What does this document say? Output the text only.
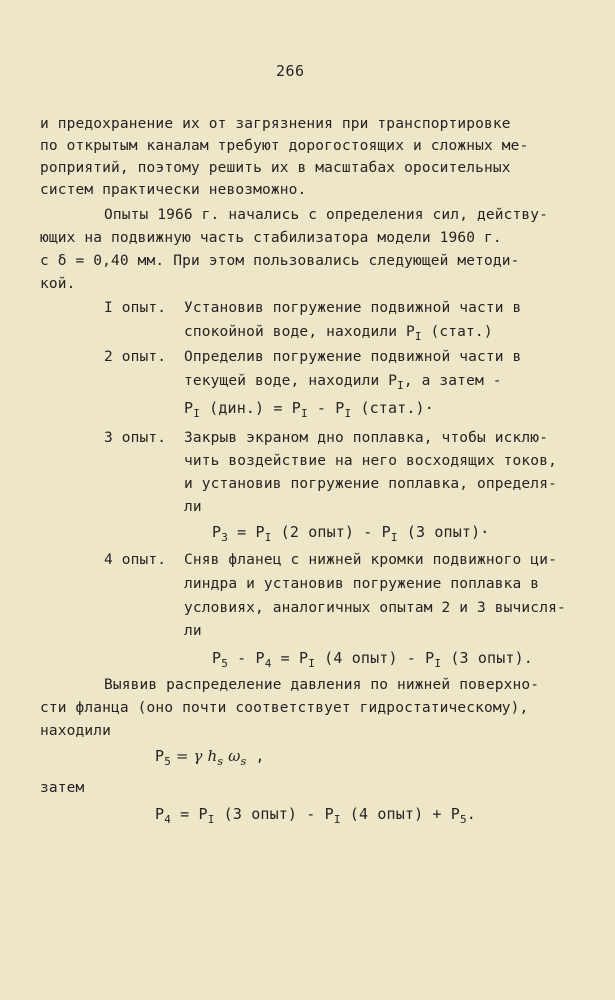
266
и предохранение их от загрязнения при транспортировке
по открытым каналам требуют дорогостоящих и сложных ме-
роприятий, поэтому решить их в масштабах оросительных
систем практически невозможно.
Опыты 1966 г. начались с определения сил, действу-
ющих на подвижную часть стабилизатора модели 1960 г.
с δ = 0,40 мм. При этом пользовались следующей методи-
кой.
I опыт. Установив погружение подвижной части в
спокойной воде, находили $P_I$ (стат.)
2 опыт. Определив погружение подвижной части в
текущей воде, находили $P_I$, а затем -
$P_I$ $(дин.) = P_I - P_I$ (стат.)·
3 опыт. Закрыв экраном дно поплавка, чтобы исклю-
чить воздействие на него восходящих токов,
и установив погружение поплавка, определя-
ли
$P_3 = P_I$ (2 опыт) - $P_I$ (3 опыт)·
4 опыт. Сняв фланец с нижней кромки подвижного ци-
линдра и установив погружение поплавка в
условиях, аналогичных опытам 2 и 3 вычисля-
ли
$P_5 - P_4 = P_I$ (4 опыт) - $P_I$ (3 опыт).
Выявив распределение давления по нижней поверхно-
сти фланца (оно почти соответствует гидростатическому),
находили
$P_5 = \gamma$ $h_s$ $\omega_s$ ,
затем
$P_4 = P_I$ (3 опыт) - $P_I$ (4 опыт) + $P_5$.
